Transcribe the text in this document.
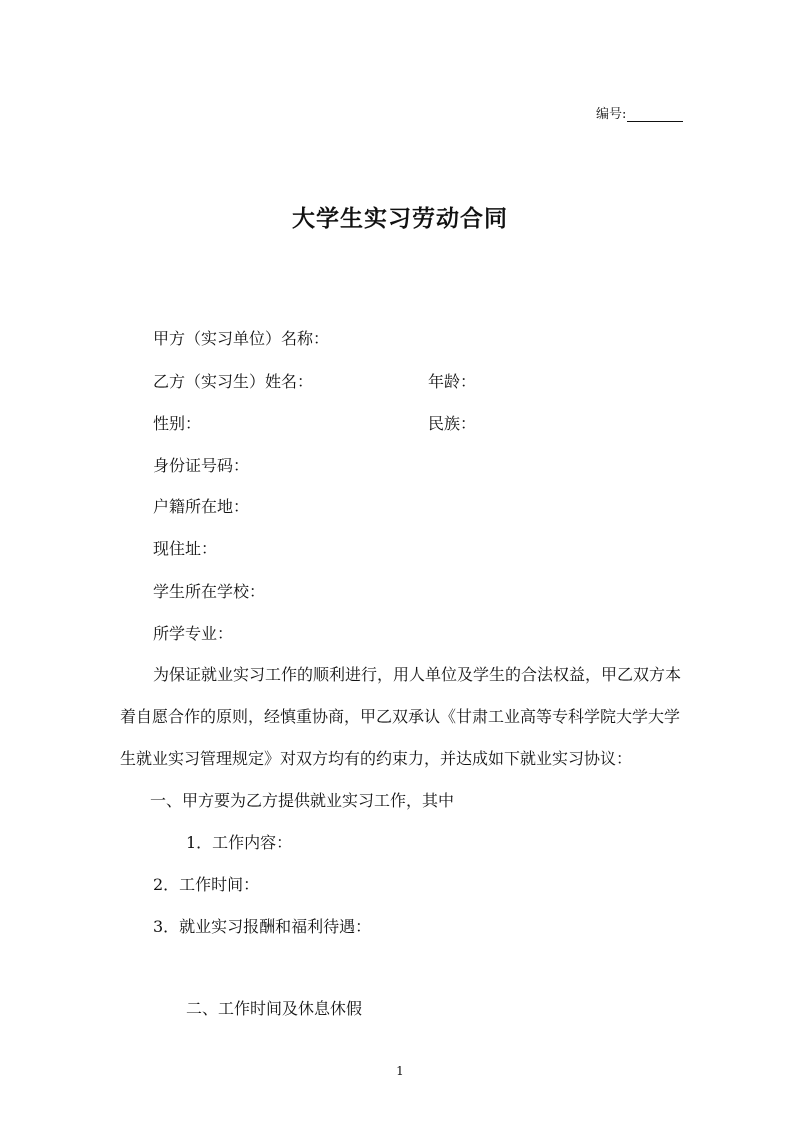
编号:
大学生实习劳动合同
甲方（实习单位）名称：
乙方（实习生）姓名：	年龄：
性别：	民族：
身份证号码：
户籍所在地：
现住址：
学生所在学校：
所学专业：
为保证就业实习工作的顺利进行，用人单位及学生的合法权益，甲乙双方本
着自愿合作的原则，经慎重协商，甲乙双承认《甘肃工业高等专科学院大学大学
生就业实习管理规定》对双方均有的约束力，并达成如下就业实习协议：
一、甲方要为乙方提供就业实习工作，其中
1．工作内容：
2．工作时间：
3．就业实习报酬和福利待遇：
二、工作时间及休息休假
1
